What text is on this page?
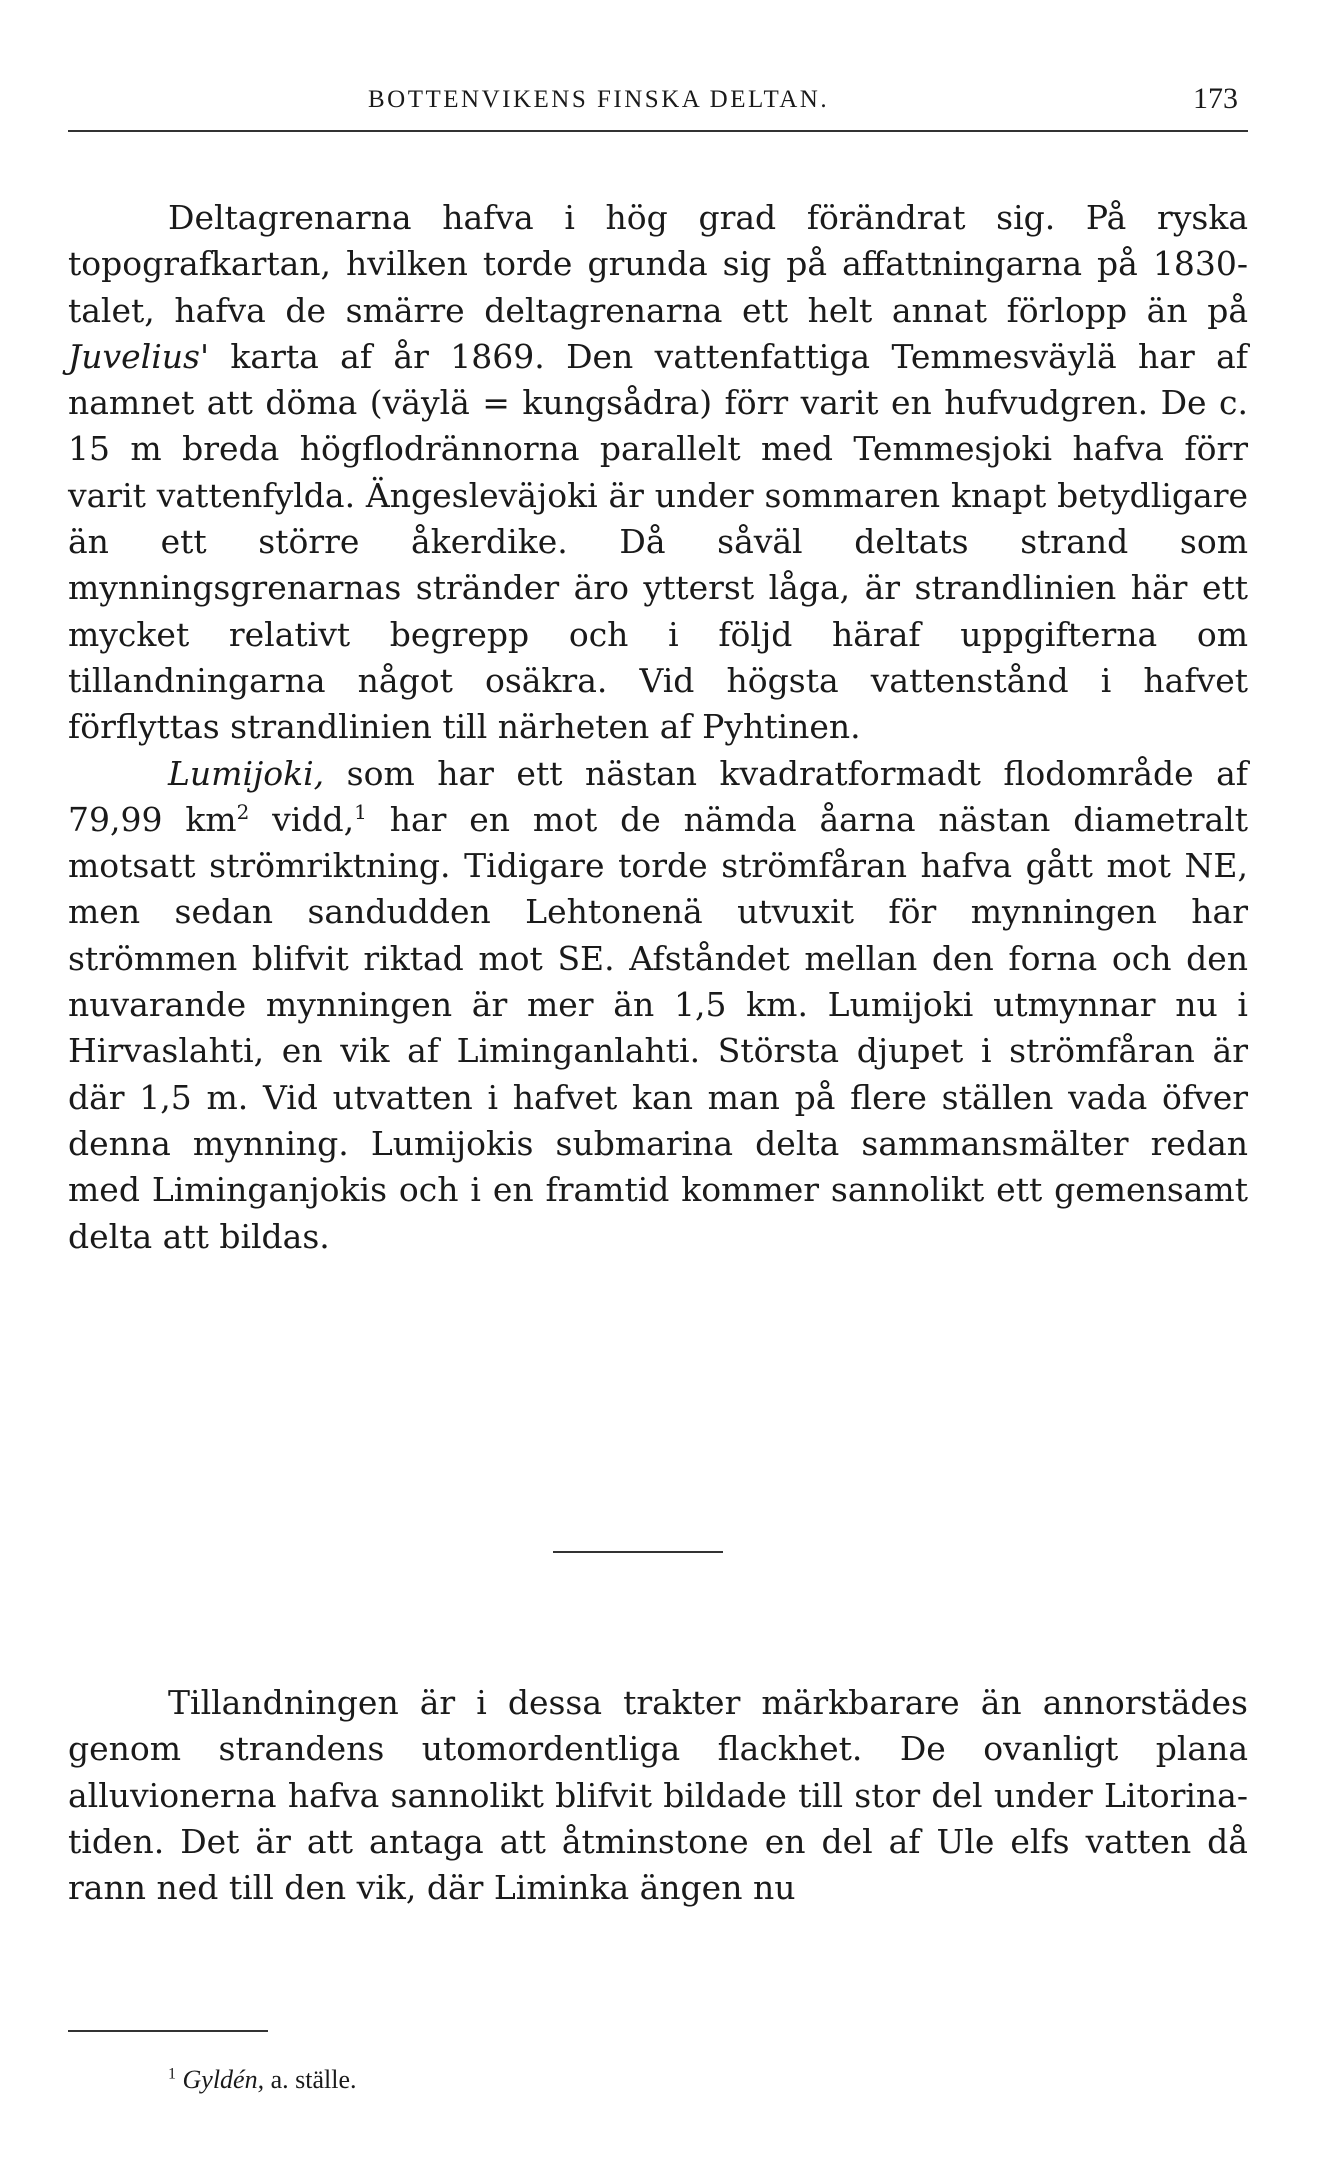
BOTTENVIKENS FINSKA DELTAN.	173

Deltagrenarna hafva i hög grad förändrat sig. På ryska topografkartan, hvilken torde grunda sig på affattningarna på 1830-talet, hafva de smärre deltagrenarna ett helt annat förlopp än på Juvelius' karta af år 1869. Den vattenfattiga Temmesväylä har af namnet att döma (väylä = kungsådra) förr varit en hufvudgren. De c. 15 m breda högflodrännorna parallelt med Temmesjoki hafva förr varit vattenfylda. Ängesleväjoki är under sommaren knapt betydligare än ett större åkerdike. Då såväl deltats strand som mynningsgrenarnas stränder äro ytterst låga, är strandlinien här ett mycket relativt begrepp och i följd häraf uppgifterna om tillandningarna något osäkra. Vid högsta vattenstånd i hafvet förflyttas strandlinien till närheten af Pyhtinen.

Lumijoki, som har ett nästan kvadratformadt flodområde af 79,99 $km^2$ vidd,$^1$ har en mot de nämda åarna nästan diametralt motsatt strömriktning. Tidigare torde strömfåran hafva gått mot NE, men sedan sandudden Lehtonenä utvuxit för mynningen har strömmen blifvit riktad mot SE. Afståndet mellan den forna och den nuvarande mynningen är mer än 1,5 km. Lumijoki utmynnar nu i Hirvaslahti, en vik af Liminganlahti. Största djupet i strömfåran är där 1,5 m. Vid utvatten i hafvet kan man på flere ställen vada öfver denna mynning. Lumijokis submarina delta sammansmälter redan med Liminganjokis och i en framtid kommer sannolikt ett gemensamt delta att bildas.

Tillandningen är i dessa trakter märkbarare än annorstädes genom strandens utomordentliga flackhet. De ovanligt plana alluvionerna hafva sannolikt blifvit bildade till stor del under Litorina-tiden. Det är att antaga att åtminstone en del af Ule elfs vatten då rann ned till den vik, där Liminka ängen nu

$^1$ Gyldén, a. ställe.
